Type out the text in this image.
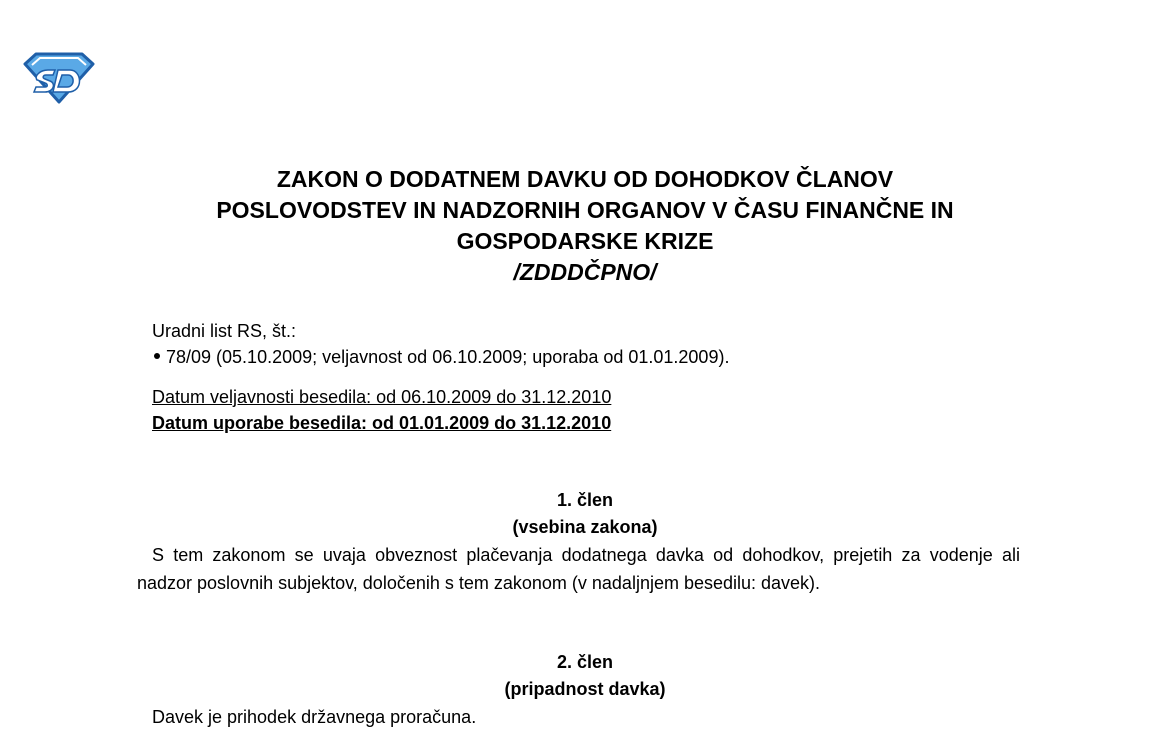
ZAKON O DODATNEM DAVKU OD DOHODKOV ČLANOV
POSLOVODSTEV IN NADZORNIH ORGANOV V ČASU FINANČNE IN
GOSPODARSKE KRIZE
/ZDDDČPNO/
Uradni list RS, št.:
78/09 (05.10.2009; veljavnost od 06.10.2009; uporaba od 01.01.2009).
Datum veljavnosti besedila: od 06.10.2009 do 31.12.2010
Datum uporabe besedila: od 01.01.2009 do 31.12.2010
1. člen
(vsebina zakona)

S tem zakonom se uvaja obveznost plačevanja dodatnega davka od dohodkov, prejetih za vodenje ali nadzor poslovnih subjektov, določenih s tem zakonom (v nadaljnjem besedilu: davek).

2. člen
(pripadnost davka)

Davek je prihodek državnega proračuna.
